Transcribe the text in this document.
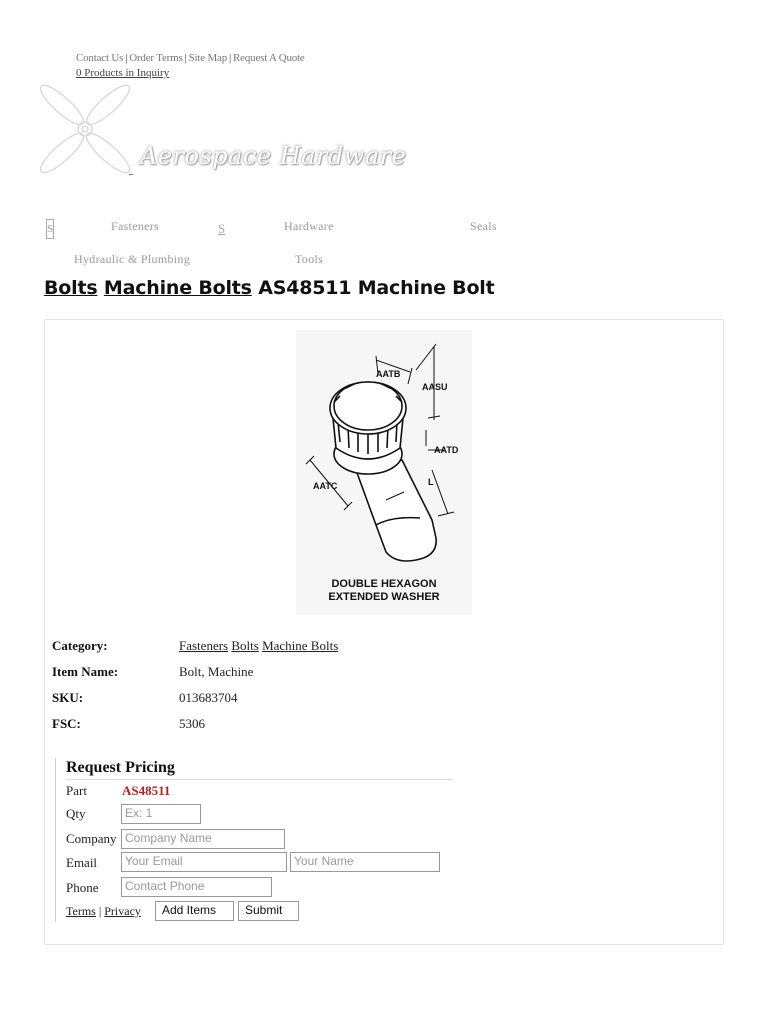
Contact Us | Order Terms | Site Map | Request A Quote
0 Products in Inquiry
Aerospace Hardware
S	Fasteners	S	Hardware	Seals
Hydraulic & Plumbing	Tools
Bolts Machine Bolts AS48511 Machine Bolt
AATB
AASU
AATD
AATC	L
DOUBLE HEXAGON
EXTENDED WASHER
Category:	Fasteners Bolts Machine Bolts
Item Name:	Bolt, Machine
SKU:	013683704
FSC:	5306
Request Pricing
Part	AS48511
Qty	Ex: 1
Company Company Name
Email	Your Email	Your Name
Phone	Contact Phone
Terms | Privacy	Add Items	Submit
